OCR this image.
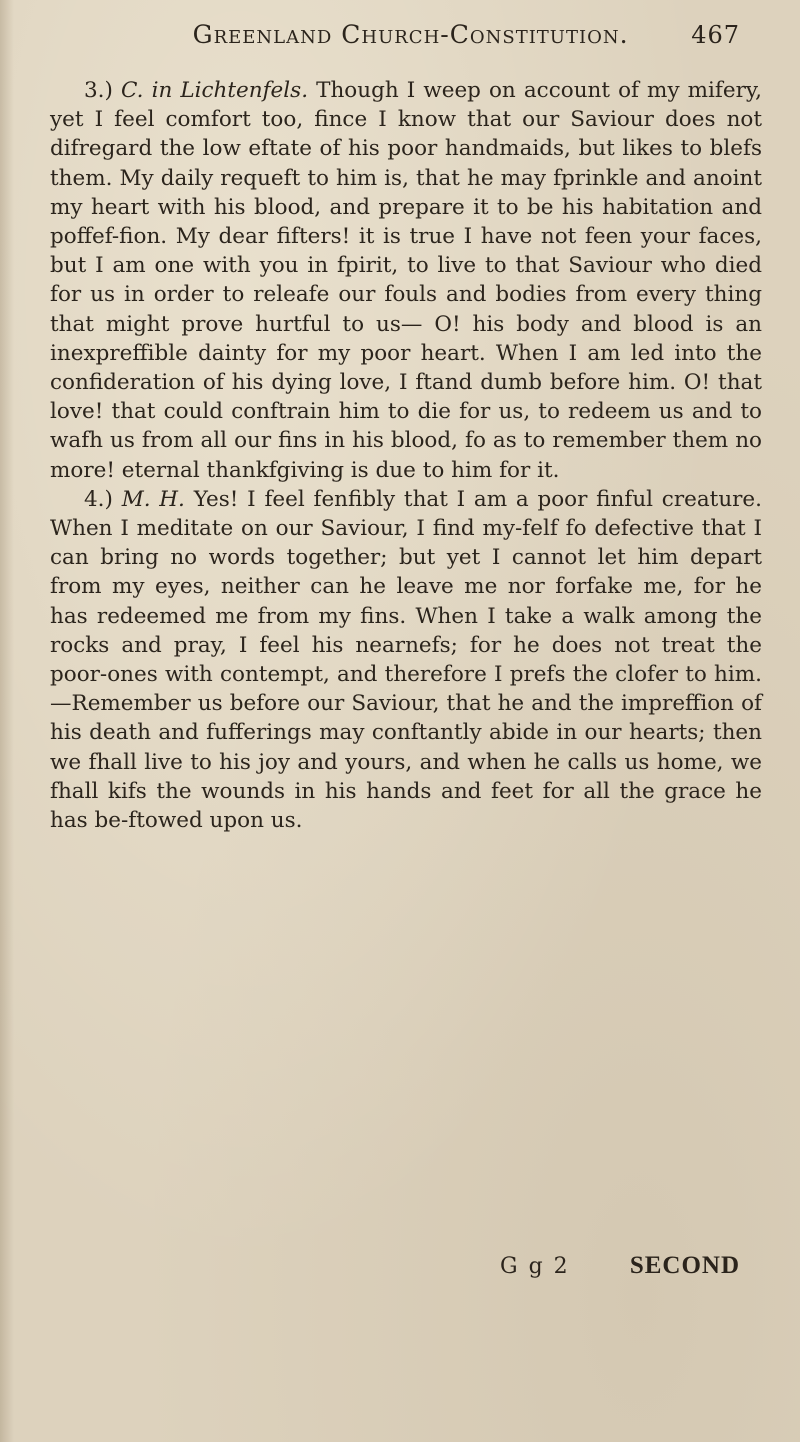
Greenland Church-Constitution.	467

3.) C. in Lichtenfels. Though I weep on account of my mifery, yet I feel comfort too, fince I know that our Saviour does not difregard the low eftate of his poor handmaids, but likes to blefs them. My daily requeft to him is, that he may fprinkle and anoint my heart with his blood, and prepare it to be his habitation and poffef-fion. My dear fifters! it is true I have not feen your faces, but I am one with you in fpirit, to live to that Saviour who died for us in order to releafe our fouls and bodies from every thing that might prove hurtful to us— O! his body and blood is an inexpreffible dainty for my poor heart. When I am led into the confideration of his dying love, I ftand dumb before him. O! that love! that could conftrain him to die for us, to redeem us and to wafh us from all our fins in his blood, fo as to remember them no more! eternal thankfgiving is due to him for it.

4.) M. H. Yes! I feel fenfibly that I am a poor finful creature. When I meditate on our Saviour, I find my-felf fo defective that I can bring no words together; but yet I cannot let him depart from my eyes, neither can he leave me nor forfake me, for he has redeemed me from my fins. When I take a walk among the rocks and pray, I feel his nearnefs; for he does not treat the poor-ones with contempt, and therefore I prefs the clofer to him.—Remember us before our Saviour, that he and the impreffion of his death and fufferings may conftantly abide in our hearts; then we fhall live to his joy and yours, and when he calls us home, we fhall kifs the wounds in his hands and feet for all the grace he has be-ftowed upon us.

G g 2 SECOND
